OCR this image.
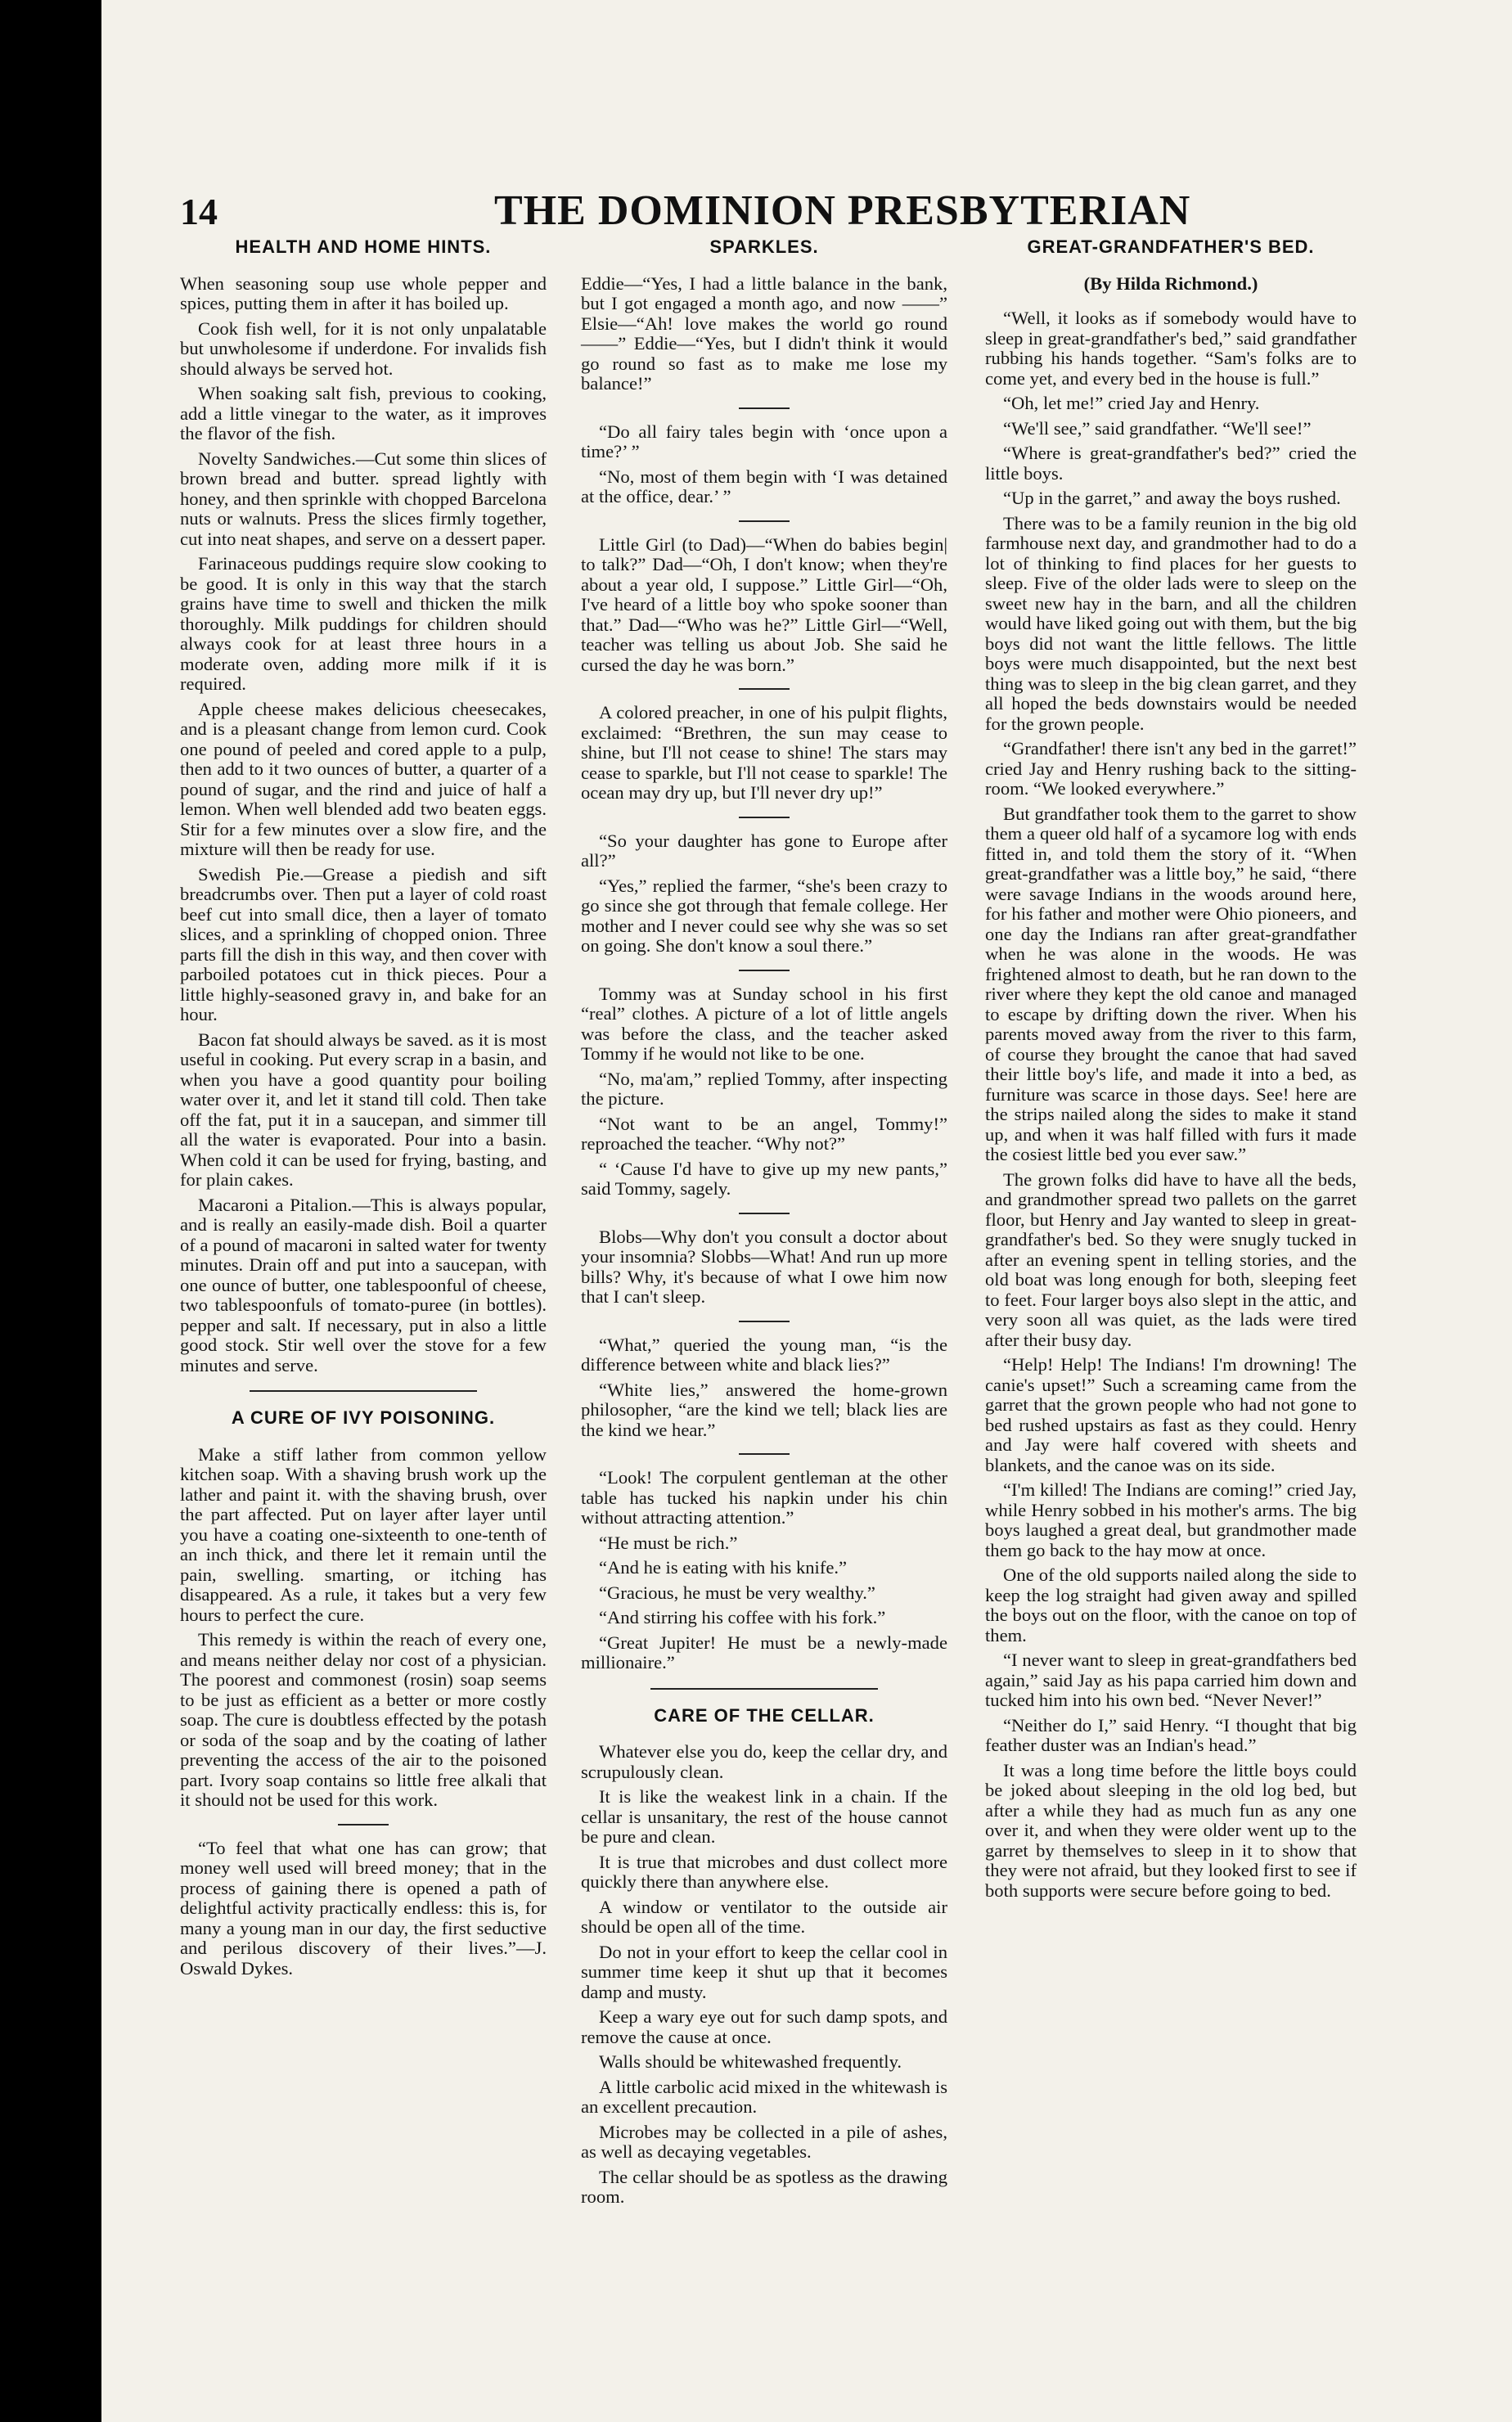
14	THE DOMINION PRESBYTERIAN
HEALTH AND HOME HINTS.

When seasoning soup use whole pepper and spices, putting them in after it has boiled up.

Cook fish well, for it is not only unpalatable but unwholesome if underdone. For invalids fish should always be served hot.

When soaking salt fish, previous to cooking, add a little vinegar to the water, as it improves the flavor of the fish.

Novelty Sandwiches.—Cut some thin slices of brown bread and butter. spread lightly with honey, and then sprinkle with chopped Barcelona nuts or walnuts. Press the slices firmly together, cut into neat shapes, and serve on a dessert paper.

Farinaceous puddings require slow cooking to be good. It is only in this way that the starch grains have time to swell and thicken the milk thoroughly. Milk puddings for children should always cook for at least three hours in a moderate oven, adding more milk if it is required.

Apple cheese makes delicious cheesecakes, and is a pleasant change from lemon curd. Cook one pound of peeled and cored apple to a pulp, then add to it two ounces of butter, a quarter of a pound of sugar, and the rind and juice of half a lemon. When well blended add two beaten eggs. Stir for a few minutes over a slow fire, and the mixture will then be ready for use.

Swedish Pie.—Grease a piedish and sift breadcrumbs over. Then put a layer of cold roast beef cut into small dice, then a layer of tomato slices, and a sprinkling of chopped onion. Three parts fill the dish in this way, and then cover with parboiled potatoes cut in thick pieces. Pour a little highly-seasoned gravy in, and bake for an hour.

Bacon fat should always be saved. as it is most useful in cooking. Put every scrap in a basin, and when you have a good quantity pour boiling water over it, and let it stand till cold. Then take off the fat, put it in a saucepan, and simmer till all the water is evaporated. Pour into a basin. When cold it can be used for frying, basting, and for plain cakes.

Macaroni a Pitalion.—This is always popular, and is really an easily-made dish. Boil a quarter of a pound of macaroni in salted water for twenty minutes. Drain off and put into a saucepan, with one ounce of butter, one tablespoonful of cheese, two tablespoonfuls of tomato-puree (in bottles). pepper and salt. If necessary, put in also a little good stock. Stir well over the stove for a few minutes and serve.

A CURE OF IVY POISONING.

Make a stiff lather from common yellow kitchen soap. With a shaving brush work up the lather and paint it. with the shaving brush, over the part affected. Put on layer after layer until you have a coating one-sixteenth to one-tenth of an inch thick, and there let it remain until the pain, swelling. smarting, or itching has disappeared. As a rule, it takes but a very few hours to perfect the cure.

This remedy is within the reach of every one, and means neither delay nor cost of a physician. The poorest and commonest (rosin) soap seems to be just as efficient as a better or more costly soap. The cure is doubtless effected by the potash or soda of the soap and by the coating of lather preventing the access of the air to the poisoned part. Ivory soap contains so little free alkali that it should not be used for this work.

“To feel that what one has can grow; that money well used will breed money; that in the process of gaining there is opened a path of delightful activity practically endless: this is, for many a young man in our day, the first seductive and perilous discovery of their lives.”—J. Oswald Dykes.

SPARKLES.

Eddie—“Yes, I had a little balance in the bank, but I got engaged a month ago, and now ——” Elsie—“Ah! love makes the world go round——” Eddie—“Yes, but I didn't think it would go round so fast as to make me lose my balance!”

“Do all fairy tales begin with ‘once upon a time?’ ”

“No, most of them begin with ‘I was detained at the office, dear.’ ”

Little Girl (to Dad)—“When do babies begin| to talk?” Dad—“Oh, I don't know; when they're about a year old, I suppose.” Little Girl—“Oh, I've heard of a little boy who spoke sooner than that.” Dad—“Who was he?” Little Girl—“Well, teacher was telling us about Job. She said he cursed the day he was born.”

A colored preacher, in one of his pulpit flights, exclaimed: “Brethren, the sun may cease to shine, but I'll not cease to shine! The stars may cease to sparkle, but I'll not cease to sparkle! The ocean may dry up, but I'll never dry up!”

“So your daughter has gone to Europe after all?”

“Yes,” replied the farmer, “she's been crazy to go since she got through that female college. Her mother and I never could see why she was so set on going. She don't know a soul there.”

Tommy was at Sunday school in his first “real” clothes. A picture of a lot of little angels was before the class, and the teacher asked Tommy if he would not like to be one.

“No, ma'am,” replied Tommy, after inspecting the picture.

“Not want to be an angel, Tommy!” reproached the teacher. “Why not?”

“ ‘Cause I'd have to give up my new pants,” said Tommy, sagely.

Blobs—Why don't you consult a doctor about your insomnia? Slobbs—What! And run up more bills? Why, it's because of what I owe him now that I can't sleep.

“What,” queried the young man, “is the difference between white and black lies?”

“White lies,” answered the home-grown philosopher, “are the kind we tell; black lies are the kind we hear.”

“Look! The corpulent gentleman at the other table has tucked his napkin under his chin without attracting attention.”

“He must be rich.”

“And he is eating with his knife.”

“Gracious, he must be very wealthy.”

“And stirring his coffee with his fork.”

“Great Jupiter! He must be a newly-made millionaire.”

CARE OF THE CELLAR.

Whatever else you do, keep the cellar dry, and scrupulously clean.

It is like the weakest link in a chain. If the cellar is unsanitary, the rest of the house cannot be pure and clean.

It is true that microbes and dust collect more quickly there than anywhere else.

A window or ventilator to the outside air should be open all of the time.

Do not in your effort to keep the cellar cool in summer time keep it shut up that it becomes damp and musty.

Keep a wary eye out for such damp spots, and remove the cause at once.

Walls should be whitewashed frequently.

A little carbolic acid mixed in the whitewash is an excellent precaution.

Microbes may be collected in a pile of ashes, as well as decaying vegetables.

The cellar should be as spotless as the drawing room.

GREAT-GRANDFATHER'S BED.
(By Hilda Richmond.)

“Well, it looks as if somebody would have to sleep in great-grandfather's bed,” said grandfather rubbing his hands together. “Sam's folks are to come yet, and every bed in the house is full.”

“Oh, let me!” cried Jay and Henry.

“We'll see,” said grandfather. “We'll see!”

“Where is great-grandfather's bed?” cried the little boys.

“Up in the garret,” and away the boys rushed.

There was to be a family reunion in the big old farmhouse next day, and grandmother had to do a lot of thinking to find places for her guests to sleep. Five of the older lads were to sleep on the sweet new hay in the barn, and all the children would have liked going out with them, but the big boys did not want the little fellows. The little boys were much disappointed, but the next best thing was to sleep in the big clean garret, and they all hoped the beds downstairs would be needed for the grown people.

“Grandfather! there isn't any bed in the garret!” cried Jay and Henry rushing back to the sitting-room. “We looked everywhere.”

But grandfather took them to the garret to show them a queer old half of a sycamore log with ends fitted in, and told them the story of it. “When great-grandfather was a little boy,” he said, “there were savage Indians in the woods around here, for his father and mother were Ohio pioneers, and one day the Indians ran after great-grandfather when he was alone in the woods. He was frightened almost to death, but he ran down to the river where they kept the old canoe and managed to escape by drifting down the river. When his parents moved away from the river to this farm, of course they brought the canoe that had saved their little boy's life, and made it into a bed, as furniture was scarce in those days. See! here are the strips nailed along the sides to make it stand up, and when it was half filled with furs it made the cosiest little bed you ever saw.”

The grown folks did have to have all the beds, and grandmother spread two pallets on the garret floor, but Henry and Jay wanted to sleep in great-grandfather's bed. So they were snugly tucked in after an evening spent in telling stories, and the old boat was long enough for both, sleeping feet to feet. Four larger boys also slept in the attic, and very soon all was quiet, as the lads were tired after their busy day.

“Help! Help! The Indians! I'm drowning! The canie's upset!” Such a screaming came from the garret that the grown people who had not gone to bed rushed upstairs as fast as they could. Henry and Jay were half covered with sheets and blankets, and the canoe was on its side.

“I'm killed! The Indians are coming!” cried Jay, while Henry sobbed in his mother's arms. The big boys laughed a great deal, but grandmother made them go back to the hay mow at once.

One of the old supports nailed along the side to keep the log straight had given away and spilled the boys out on the floor, with the canoe on top of them.

“I never want to sleep in great-grandfathers bed again,” said Jay as his papa carried him down and tucked him into his own bed. “Never Never!”

“Neither do I,” said Henry. “I thought that big feather duster was an Indian's head.”

It was a long time before the little boys could be joked about sleeping in the old log bed, but after a while they had as much fun as any one over it, and when they were older went up to the garret by themselves to sleep in it to show that they were not afraid, but they looked first to see if both supports were secure before going to bed.
